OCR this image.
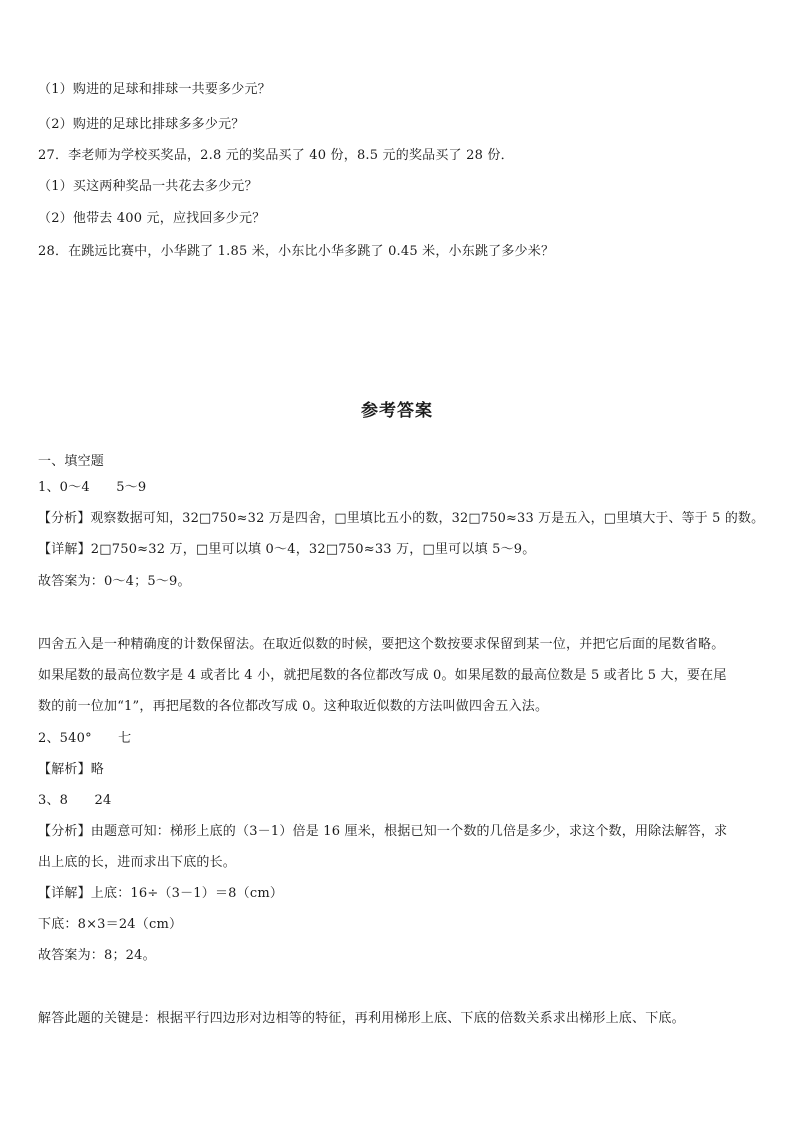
（1）购进的足球和排球一共要多少元？
（2）购进的足球比排球多多少元？
27．李老师为学校买奖品，2.8 元的奖品买了 40 份，8.5 元的奖品买了 28 份．
（1）买这两种奖品一共花去多少元？
（2）他带去 400 元，应找回多少元？
28．在跳远比赛中，小华跳了 1.85 米，小东比小华多跳了 0.45 米，小东跳了多少米？
参考答案
一、填空题
1、0～4　　5～9
【分析】观察数据可知，32□750≈32 万是四舍，□里填比五小的数，32□750≈33 万是五入，□里填大于、等于 5 的数。
【详解】2□750≈32 万，□里可以填 0～4，32□750≈33 万，□里可以填 5～9。
故答案为：0～4；5～9。
四舍五入是一种精确度的计数保留法。在取近似数的时候，要把这个数按要求保留到某一位，并把它后面的尾数省略。
如果尾数的最高位数字是 4 或者比 4 小，就把尾数的各位都改写成 0。如果尾数的最高位数是 5 或者比 5 大，要在尾
数的前一位加“1”，再把尾数的各位都改写成 0。这种取近似数的方法叫做四舍五入法。
2、540°　　七
【解析】略
3、8　　24
【分析】由题意可知：梯形上底的（3－1）倍是 16 厘米，根据已知一个数的几倍是多少，求这个数，用除法解答，求
出上底的长，进而求出下底的长。
【详解】上底：16÷（3－1）＝8（cm）
下底：8×3＝24（cm）
故答案为：8；24。
解答此题的关键是：根据平行四边形对边相等的特征，再利用梯形上底、下底的倍数关系求出梯形上底、下底。
